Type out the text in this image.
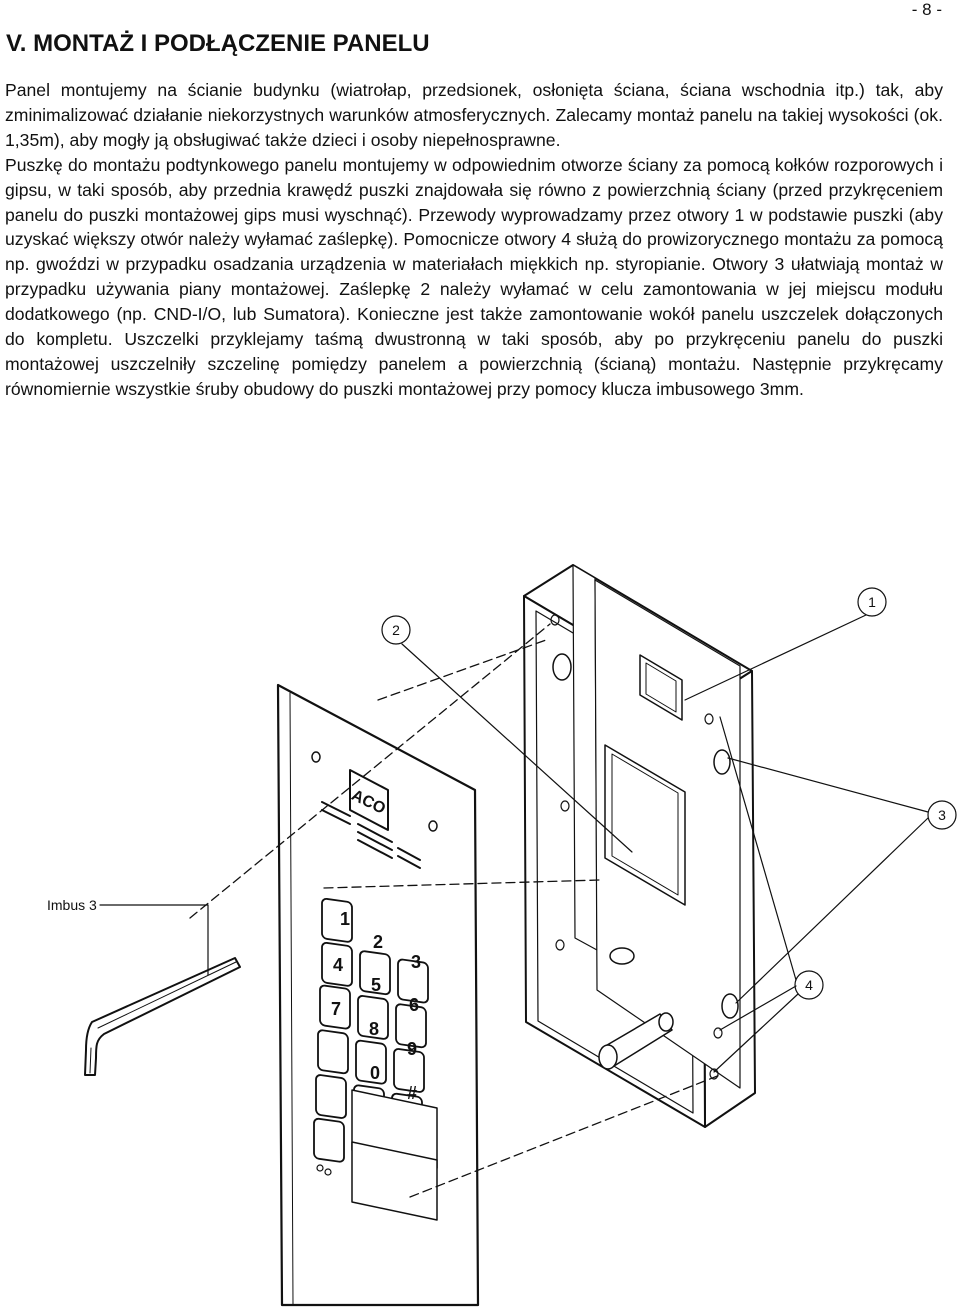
- 8 -
V. MONTAŻ I PODŁĄCZENIE PANELU

Panel montujemy na ścianie budynku (wiatrołap, przedsionek, osłonięta ściana, ściana wschodnia itp.) tak, aby zminimalizować działanie niekorzystnych warunków atmosferycznych. Zalecamy montaż panelu na takiej wysokości (ok. 1,35m), aby mogły ją obsługiwać także dzieci i osoby niepełnosprawne.

Puszkę do montażu podtynkowego panelu montujemy w odpowiednim otworze ściany za pomocą kołków rozporowych i gipsu, w taki sposób, aby przednia krawędź puszki znajdowała się równo z powierzchnią ściany (przed przykręceniem panelu do puszki montażowej gips musi wyschnąć). Przewody wyprowadzamy przez otwory 1 w podstawie puszki (aby uzyskać większy otwór należy wyłamać zaślepkę). Pomocnicze otwory 4 służą do prowizorycznego montażu za pomocą np. gwoździ w przypadku osadzania urządzenia w materiałach miękkich np. styropianie. Otwory 3 ułatwiają montaż w przypadku używania piany montażowej. Zaślepkę 2 należy wyłamać w celu zamontowania w jej miejscu modułu dodatkowego (np. CND-I/O, lub Sumatora). Konieczne jest także zamontowanie wokół panelu uszczelek dołączonych do kompletu. Uszczelki przyklejamy taśmą dwustronną w taki sposób, aby po przykręceniu panelu do puszki montażowej uszczelniły szczelinę pomiędzy panelem a powierzchnią (ścianą) montażu. Następnie przykręcamy równomiernie wszystkie śruby obudowy do puszki montażowej przy pomocy klucza imbusowego 3mm.

ACO
1
2
3
4
5
6
7
8
9
0
#
Imbus 3
1
2
3
4
